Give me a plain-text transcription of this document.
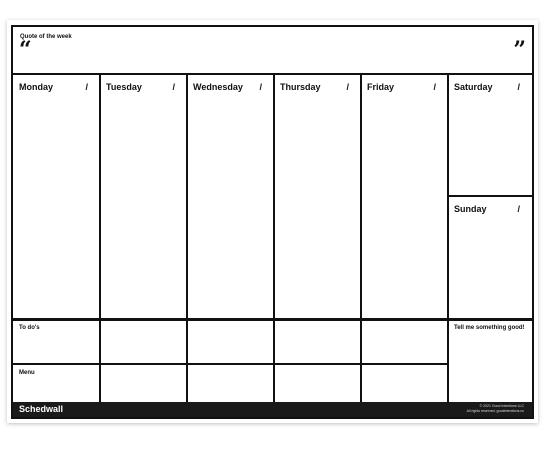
Quote of the week
“	”
Monday	/ Tuesday	/ Wednesday / Thursday	/ Friday	/ Saturday	/
Sunday	/
To do's
Menu
Tell me something good!
Schedwall	© 2021 Good Intentions LLC
All rights reserved. goodintentions.co
